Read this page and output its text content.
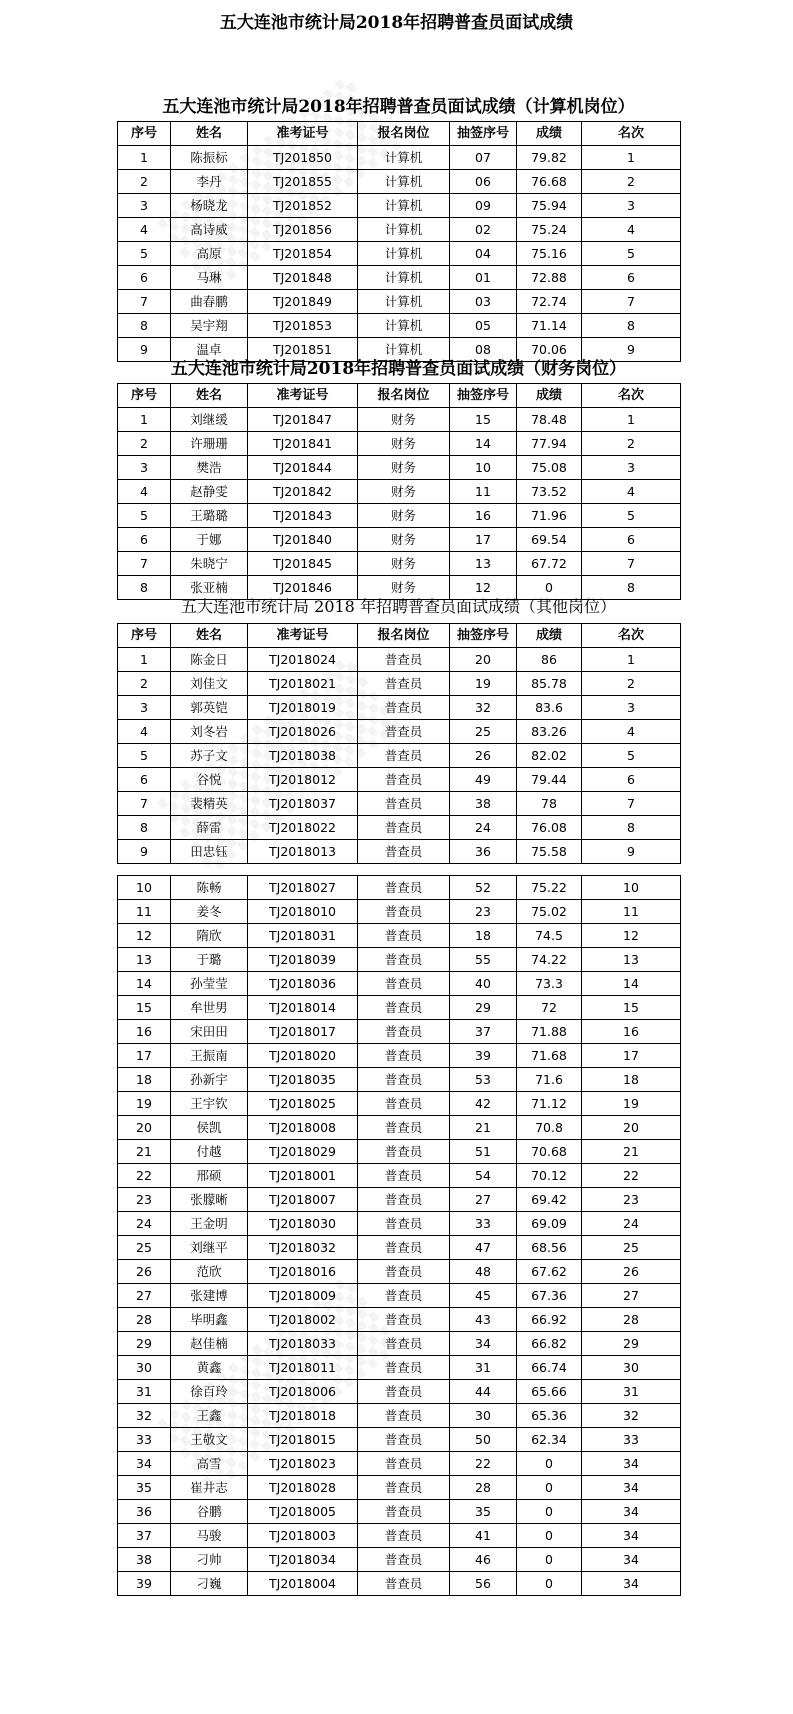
五大连池市统计局2018年招聘普查员面试成绩
五大连池市统计局2018年招聘普查员面试成绩（计算机岗位）
序号	姓名	准考证号	报名岗位	抽签序号	成绩	名次
1	陈振标	TJ201850	计算机	07	79.82	1
2	李丹	TJ201855	计算机	06	76.68	2
3	杨晓龙	TJ201852	计算机	09	75.94	3
4	高诗威	TJ201856	计算机	02	75.24	4
5	高原	TJ201854	计算机	04	75.16	5
6	马琳	TJ201848	计算机	01	72.88	6
7	曲春鹏	TJ201849	计算机	03	72.74	7
8	吴宇翔	TJ201853	计算机	05	71.14	8
9	温卓	TJ201851	计算机	08	70.06	9
五大连池市统计局2018年招聘普查员面试成绩（财务岗位）
序号	姓名	准考证号	报名岗位	抽签序号	成绩	名次
1	刘继缓	TJ201847	财务	15	78.48	1
2	许珊珊	TJ201841	财务	14	77.94	2
3	樊浩	TJ201844	财务	10	75.08	3
4	赵静雯	TJ201842	财务	11	73.52	4
5	王璐璐	TJ201843	财务	16	71.96	5
6	于娜	TJ201840	财务	17	69.54	6
7	朱晓宁	TJ201845	财务	13	67.72	7
8	张亚楠	TJ201846	财务	12	0	8
五大连池市统计局 2018 年招聘普查员面试成绩（其他岗位）
序号	姓名	准考证号	报名岗位	抽签序号	成绩	名次
1	陈金日	TJ2018024	普查员	20	86	1
2	刘佳文	TJ2018021	普查员	19	85.78	2
3	郭英铠	TJ2018019	普查员	32	83.6	3
4	刘冬岩	TJ2018026	普查员	25	83.26	4
5	苏子文	TJ2018038	普查员	26	82.02	5
6	谷悦	TJ2018012	普查员	49	79.44	6
7	裴精英	TJ2018037	普查员	38	78	7
8	薛雷	TJ2018022	普查员	24	76.08	8
9	田忠钰	TJ2018013	普查员	36	75.58	9
10	陈畅	TJ2018027	普查员	52	75.22	10
11	姜冬	TJ2018010	普查员	23	75.02	11
12	隋欣	TJ2018031	普查员	18	74.5	12
13	于璐	TJ2018039	普查员	55	74.22	13
14	孙莹莹	TJ2018036	普查员	40	73.3	14
15	牟世男	TJ2018014	普查员	29	72	15
16	宋田田	TJ2018017	普查员	37	71.88	16
17	王振南	TJ2018020	普查员	39	71.68	17
18	孙新宇	TJ2018035	普查员	53	71.6	18
19	王宇钦	TJ2018025	普查员	42	71.12	19
20	侯凯	TJ2018008	普查员	21	70.8	20
21	付越	TJ2018029	普查员	51	70.68	21
22	邢硕	TJ2018001	普查员	54	70.12	22
23	张朦晰	TJ2018007	普查员	27	69.42	23
24	王金明	TJ2018030	普查员	33	69.09	24
25	刘继平	TJ2018032	普查员	47	68.56	25
26	范欣	TJ2018016	普查员	48	67.62	26
27	张建博	TJ2018009	普查员	45	67.36	27
28	毕明鑫	TJ2018002	普查员	43	66.92	28
29	赵佳楠	TJ2018033	普查员	34	66.82	29
30	黄鑫	TJ2018011	普查员	31	66.74	30
31	徐百玲	TJ2018006	普查员	44	65.66	31
32	王鑫	TJ2018018	普查员	30	65.36	32
33	王敬文	TJ2018015	普查员	50	62.34	33
34	高雪	TJ2018023	普查员	22	0	34
35	崔井志	TJ2018028	普查员	28	0	34
36	谷鹏	TJ2018005	普查员	35	0	34
37	马骏	TJ2018003	普查员	41	0	34
38	刁帅	TJ2018034	普查员	46	0	34
39	刁巍	TJ2018004	普查员	56	0	34
